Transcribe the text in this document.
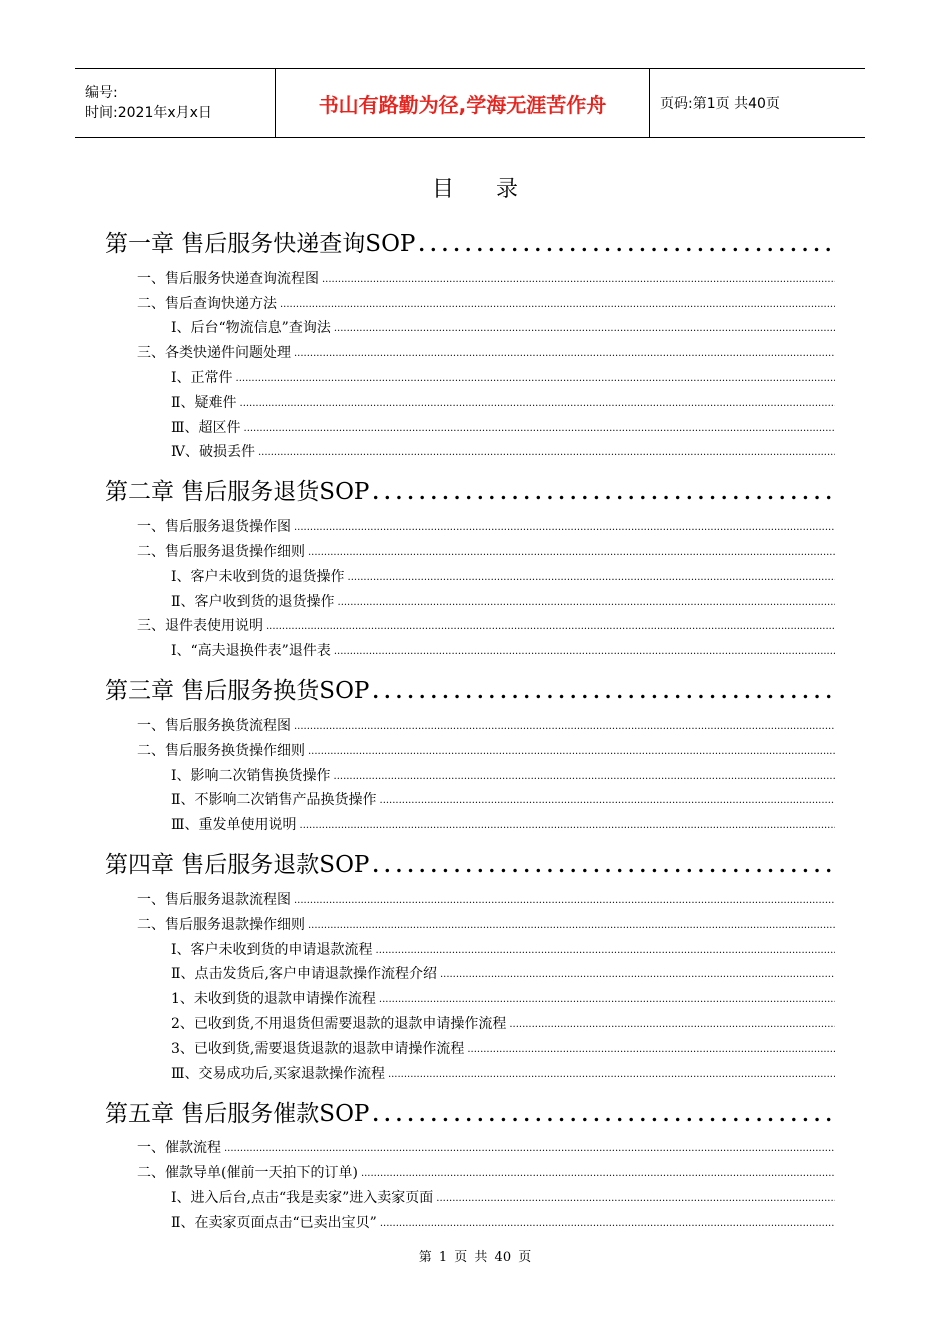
编号:
时间:2021年x月x日	书山有路勤为径,学海无涯苦作舟	页码:第1页 共40页
目录
第一章 售后服务快递查询SOP
.....
一、售后服务快递查询流程图
.....
二、售后查询快递方法
.....
I、后台“物流信息”查询法
.....
三、各类快递件问题处理
.....
I、正常件
.....
Ⅱ、疑难件
.....
Ⅲ、超区件
.....
Ⅳ、破损丢件
.....
第二章 售后服务退货SOP
.....
一、售后服务退货操作图
.....
二、售后服务退货操作细则
.....
I、客户未收到货的退货操作
.....
Ⅱ、客户收到货的退货操作
.....
三、退件表使用说明
.....
I、“高夫退换件表”退件表
.....
第三章 售后服务换货SOP
.....
一、售后服务换货流程图
.....
二、售后服务换货操作细则
.....
I、影响二次销售换货操作
.....
Ⅱ、不影响二次销售产品换货操作
.....
Ⅲ、重发单使用说明
.....
第四章 售后服务退款SOP
.....
一、售后服务退款流程图
.....
二、售后服务退款操作细则
.....
I、客户未收到货的申请退款流程
.....
Ⅱ、点击发货后,客户申请退款操作流程介绍
.....
1、未收到货的退款申请操作流程
.....
2、已收到货,不用退货但需要退款的退款申请操作流程
.....
3、已收到货,需要退货退款的退款申请操作流程
.....
Ⅲ、交易成功后,买家退款操作流程
.....
第五章 售后服务催款SOP
.....
一、催款流程
.....
二、催款导单(催前一天拍下的订单)
.....
I、进入后台,点击“我是卖家”进入卖家页面
.....
Ⅱ、在卖家页面点击“已卖出宝贝”
.....
第 1 页 共 40 页
